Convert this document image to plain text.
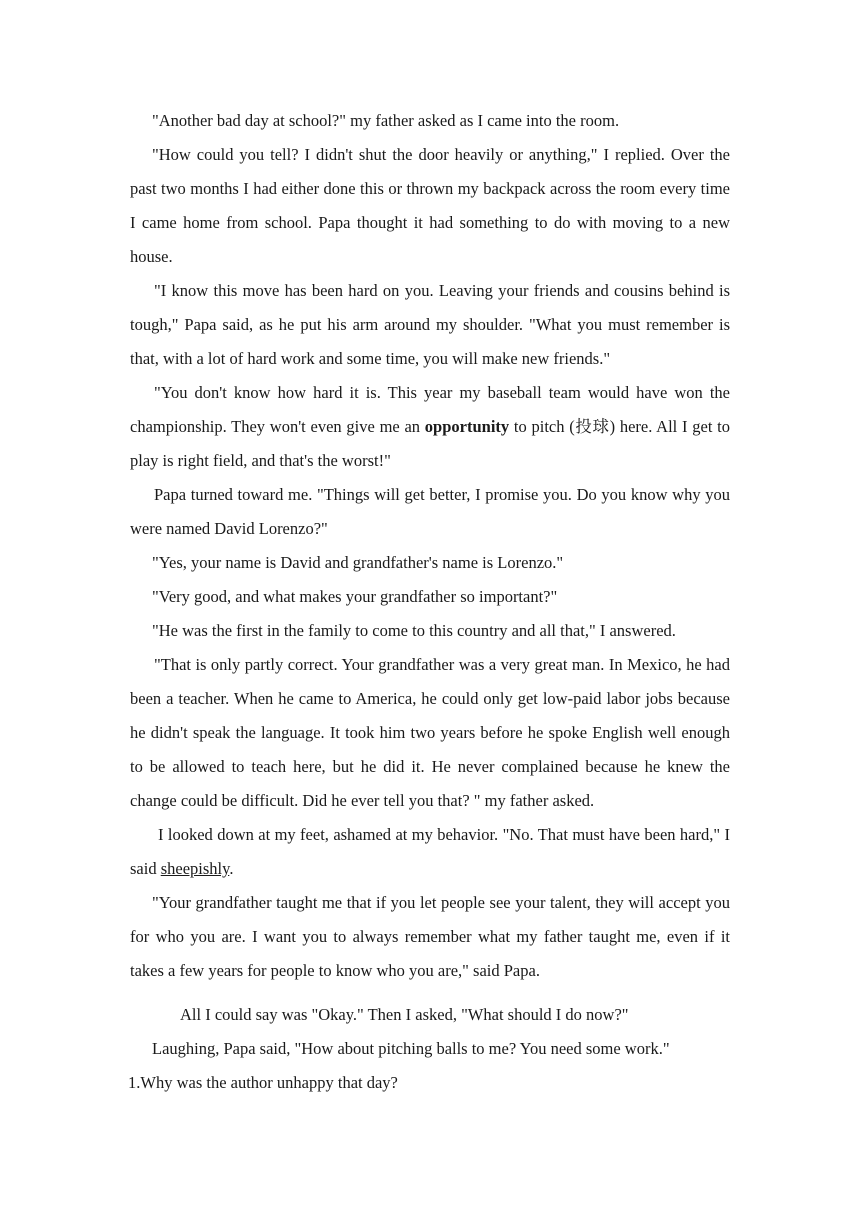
"Another bad day at school?" my father asked as I came into the room.

"How could you tell? I didn't shut the door heavily or anything," I replied. Over the past two months I had either done this or thrown my backpack across the room every time I came home from school. Papa thought it had something to do with moving to a new house.

"I know this move has been hard on you. Leaving your friends and cousins behind is tough," Papa said, as he put his arm around my shoulder. "What you must remember is that, with a lot of hard work and some time, you will make new friends."

"You don't know how hard it is. This year my baseball team would have won the championship. They won't even give me an opportunity to pitch (投球) here. All I get to play is right field, and that's the worst!"

Papa turned toward me. "Things will get better, I promise you. Do you know why you were named David Lorenzo?"

"Yes, your name is David and grandfather's name is Lorenzo."

"Very good, and what makes your grandfather so important?"

"He was the first in the family to come to this country and all that," I answered.

"That is only partly correct. Your grandfather was a very great man. In Mexico, he had been a teacher. When he came to America, he could only get low-paid labor jobs because he didn't speak the language. It took him two years before he spoke English well enough to be allowed to teach here, but he did it. He never complained because he knew the change could be difficult. Did he ever tell you that? " my father asked.

I looked down at my feet, ashamed at my behavior. "No. That must have been hard," I said sheepishly.

"Your grandfather taught me that if you let people see your talent, they will accept you for who you are. I want you to always remember what my father taught me, even if it takes a few years for people to know who you are," said Papa.

All I could say was "Okay." Then I asked, "What should I do now?"

Laughing, Papa said, "How about pitching balls to me? You need some work."

1.Why was the author unhappy that day?
